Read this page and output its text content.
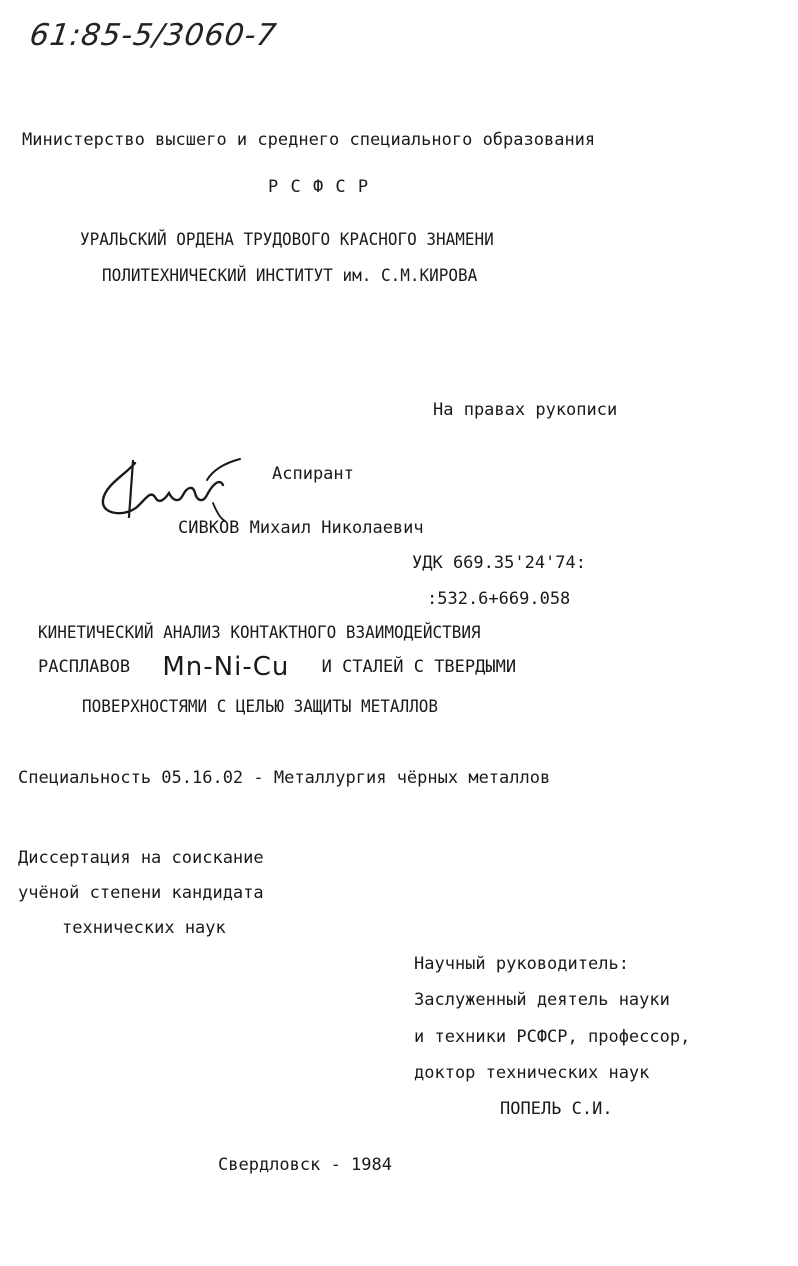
61:85-5/3060-7
Министерство высшего и среднего специального образования
Р С Ф С Р
УРАЛЬСКИЙ ОРДЕНА ТРУДОВОГО КРАСНОГО ЗНАМЕНИ
ПОЛИТЕХНИЧЕСКИЙ ИНСТИТУТ им. С.М.КИРОВА
На правах рукописи
Аспирант
СИВКОВ Михаил Николаевич
УДК 669.35'24'74:
:532.6+669.058
КИНЕТИЧЕСКИЙ АНАЛИЗ КОНТАКТНОГО ВЗАИМОДЕЙСТВИЯ
РАСПЛАВОВ Mn-Ni-Cu И СТАЛЕЙ С ТВЕРДЫМИ
ПОВЕРХНОСТЯМИ С ЦЕЛЬЮ ЗАЩИТЫ МЕТАЛЛОВ
Специальность 05.16.02 - Металлургия чёрных металлов
Диссертация на соискание
учёной степени кандидата
технических наук
Научный руководитель:
Заслуженный деятель науки
и техники РСФСР, профессор,
доктор технических наук
ПОПЕЛЬ С.И.
Свердловск - 1984
